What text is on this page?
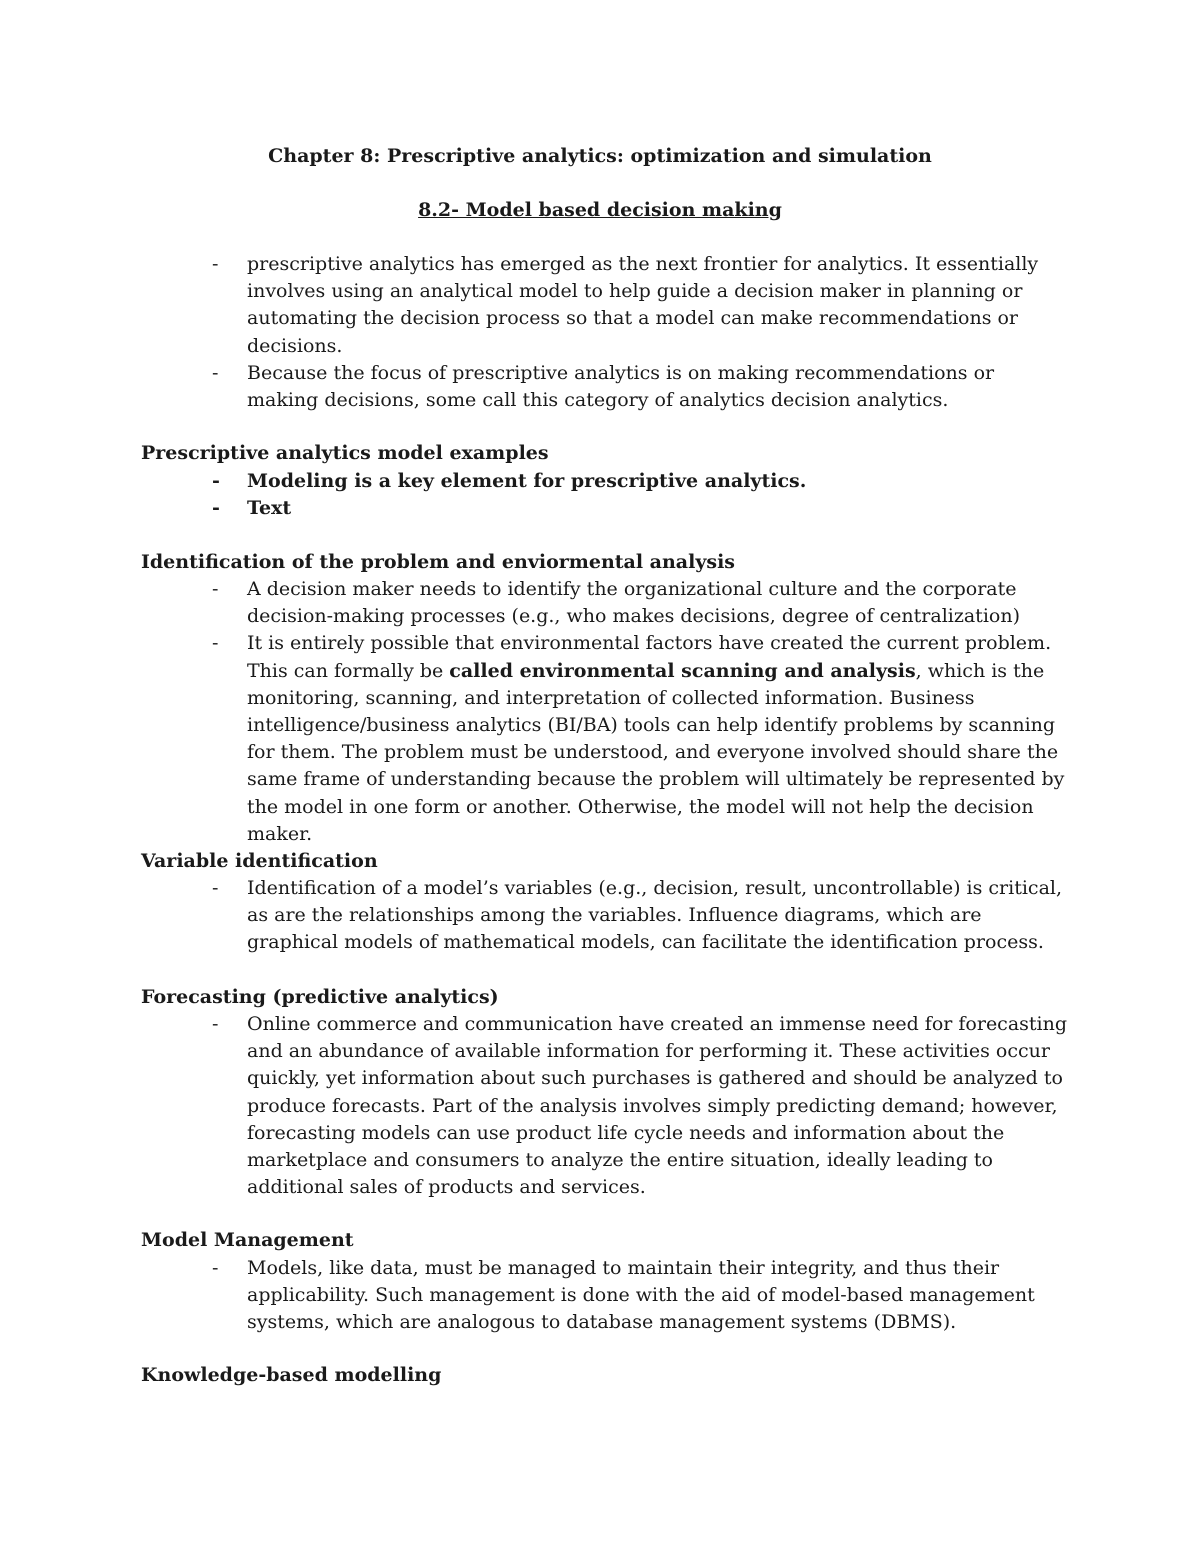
Chapter 8: Prescriptive analytics: optimization and simulation
8.2- Model based decision making
- prescriptive analytics has emerged as the next frontier for analytics. It essentially involves using an analytical model to help guide a decision maker in planning or automating the decision process so that a model can make recommendations or decisions.
- Because the focus of prescriptive analytics is on making recommendations or making decisions, some call this category of analytics decision analytics.
Prescriptive analytics model examples
- Modeling is a key element for prescriptive analytics.
- Text
Identification of the problem and enviormental analysis
- A decision maker needs to identify the organizational culture and the corporate decision-making processes (e.g., who makes decisions, degree of centralization)
- It is entirely possible that environmental factors have created the current problem. This can formally be called environmental scanning and analysis, which is the monitoring, scanning, and interpretation of collected information. Business intelligence/business analytics (BI/BA) tools can help identify problems by scanning for them. The problem must be understood, and everyone involved should share the same frame of understanding because the problem will ultimately be represented by the model in one form or another. Otherwise, the model will not help the decision maker.
Variable identification
- Identification of a model’s variables (e.g., decision, result, uncontrollable) is critical, as are the relationships among the variables. Influence diagrams, which are graphical models of mathematical models, can facilitate the identification process.
Forecasting (predictive analytics)
- Online commerce and communication have created an immense need for forecasting and an abundance of available information for performing it. These activities occur quickly, yet information about such purchases is gathered and should be analyzed to produce forecasts. Part of the analysis involves simply predicting demand; however, forecasting models can use product life cycle needs and information about the marketplace and consumers to analyze the entire situation, ideally leading to additional sales of products and services.
Model Management
- Models, like data, must be managed to maintain their integrity, and thus their applicability. Such management is done with the aid of model-based management systems, which are analogous to database management systems (DBMS).
Knowledge-based modelling
